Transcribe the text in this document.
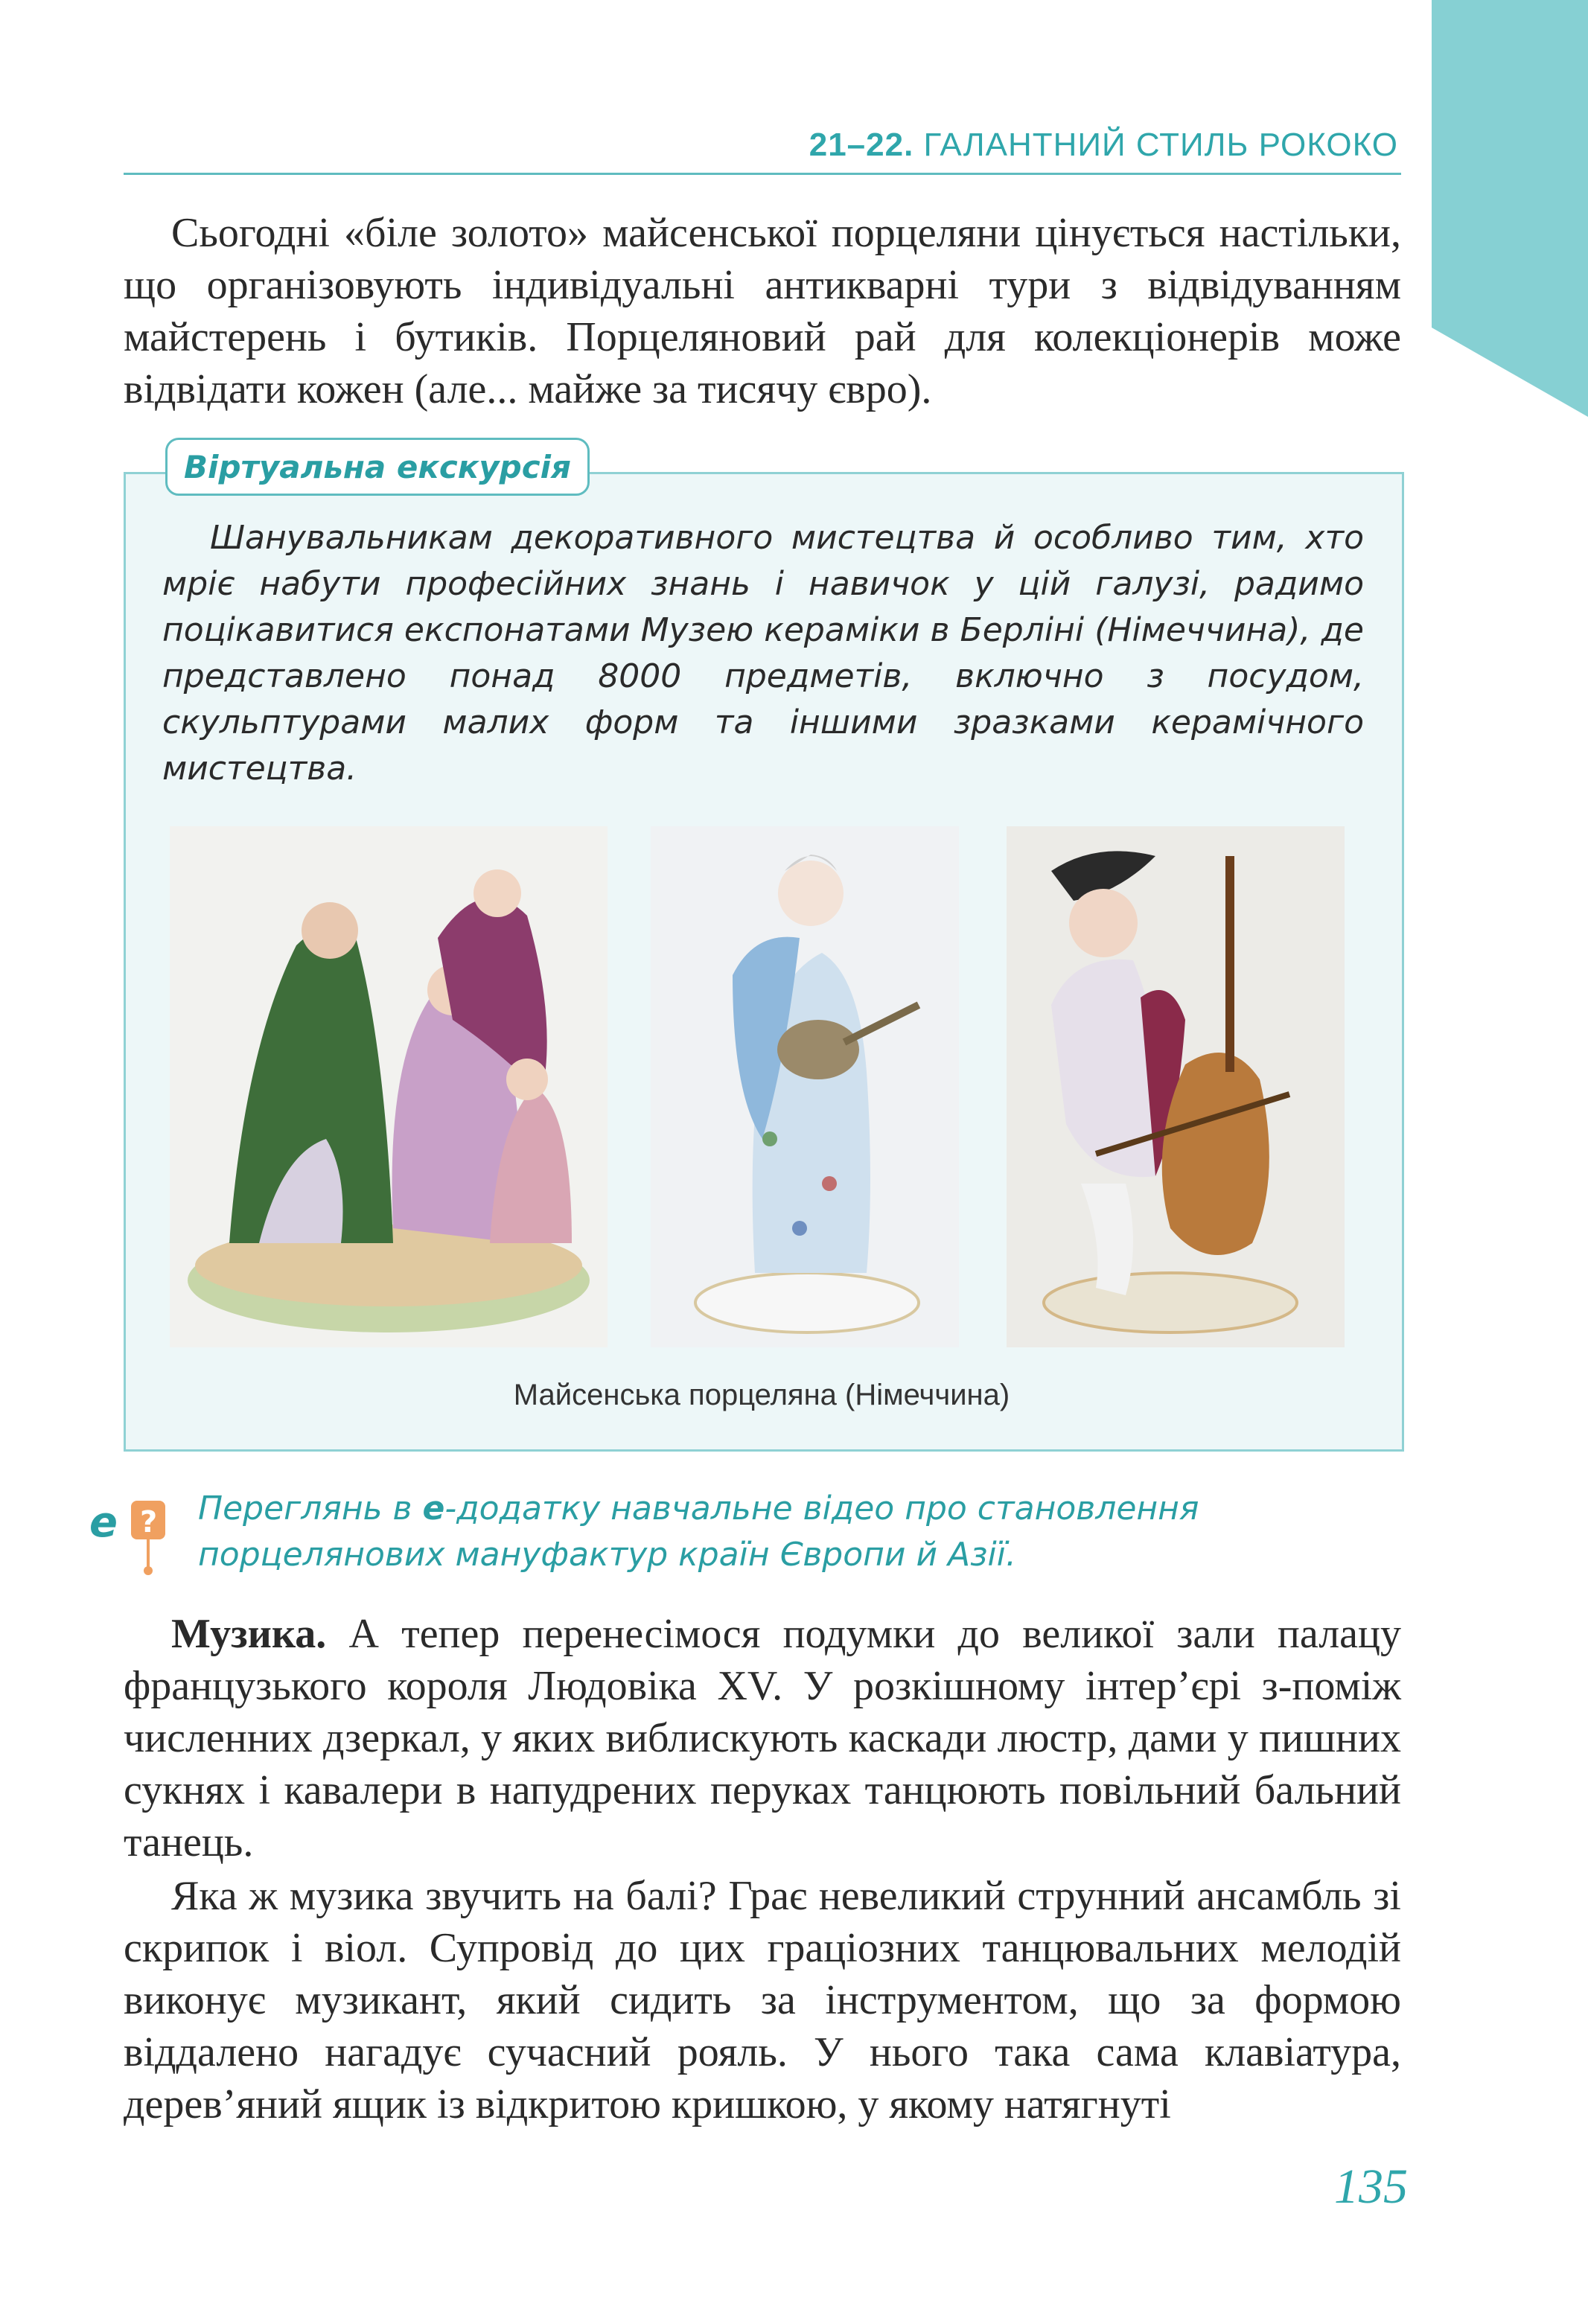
21–22. ГАЛАНТНИЙ СТИЛЬ РОКОКО

Сьогодні «біле золото» майсенської порцеляни цінується настільки, що організовують індивідуальні антикварні тури з відвідуванням майстерень і бутиків. Порцеляновий рай для колекціонерів може відвідати кожен (але... майже за тисячу євро).

Віртуальна екскурсія

Шанувальникам декоративного мистецтва й особливо тим, хто мріє набути професійних знань і навичок у цій галузі, радимо поцікавитися експонатами Музею кераміки в Берліні (Німеччина), де представлено понад 8000 предметів, включно з посудом, скульптурами малих форм та іншими зразками керамічного мистецтва.

Майсенська порцеляна (Німеччина)
e ? Переглянь в е-додатку навчальне відео про становлення порцелянових мануфактур країн Європи й Азії.

Музика. А тепер перенесімося подумки до великої зали палацу французького короля Людовіка XV. У розкішному інтер’єрі з-поміж численних дзеркал, у яких виблискують каскади люстр, дами у пишних сукнях і кавалери в напудрених перуках танцюють повільний бальний танець.

Яка ж музика звучить на балі? Грає невеликий струнний ансамбль зі скрипок і віол. Супровід до цих граціозних танцювальних мелодій виконує музикант, який сидить за інструментом, що за формою віддалено нагадує сучасний рояль. У нього така сама клавіатура, дерев’яний ящик із відкритою кришкою, у якому натягнуті

135
